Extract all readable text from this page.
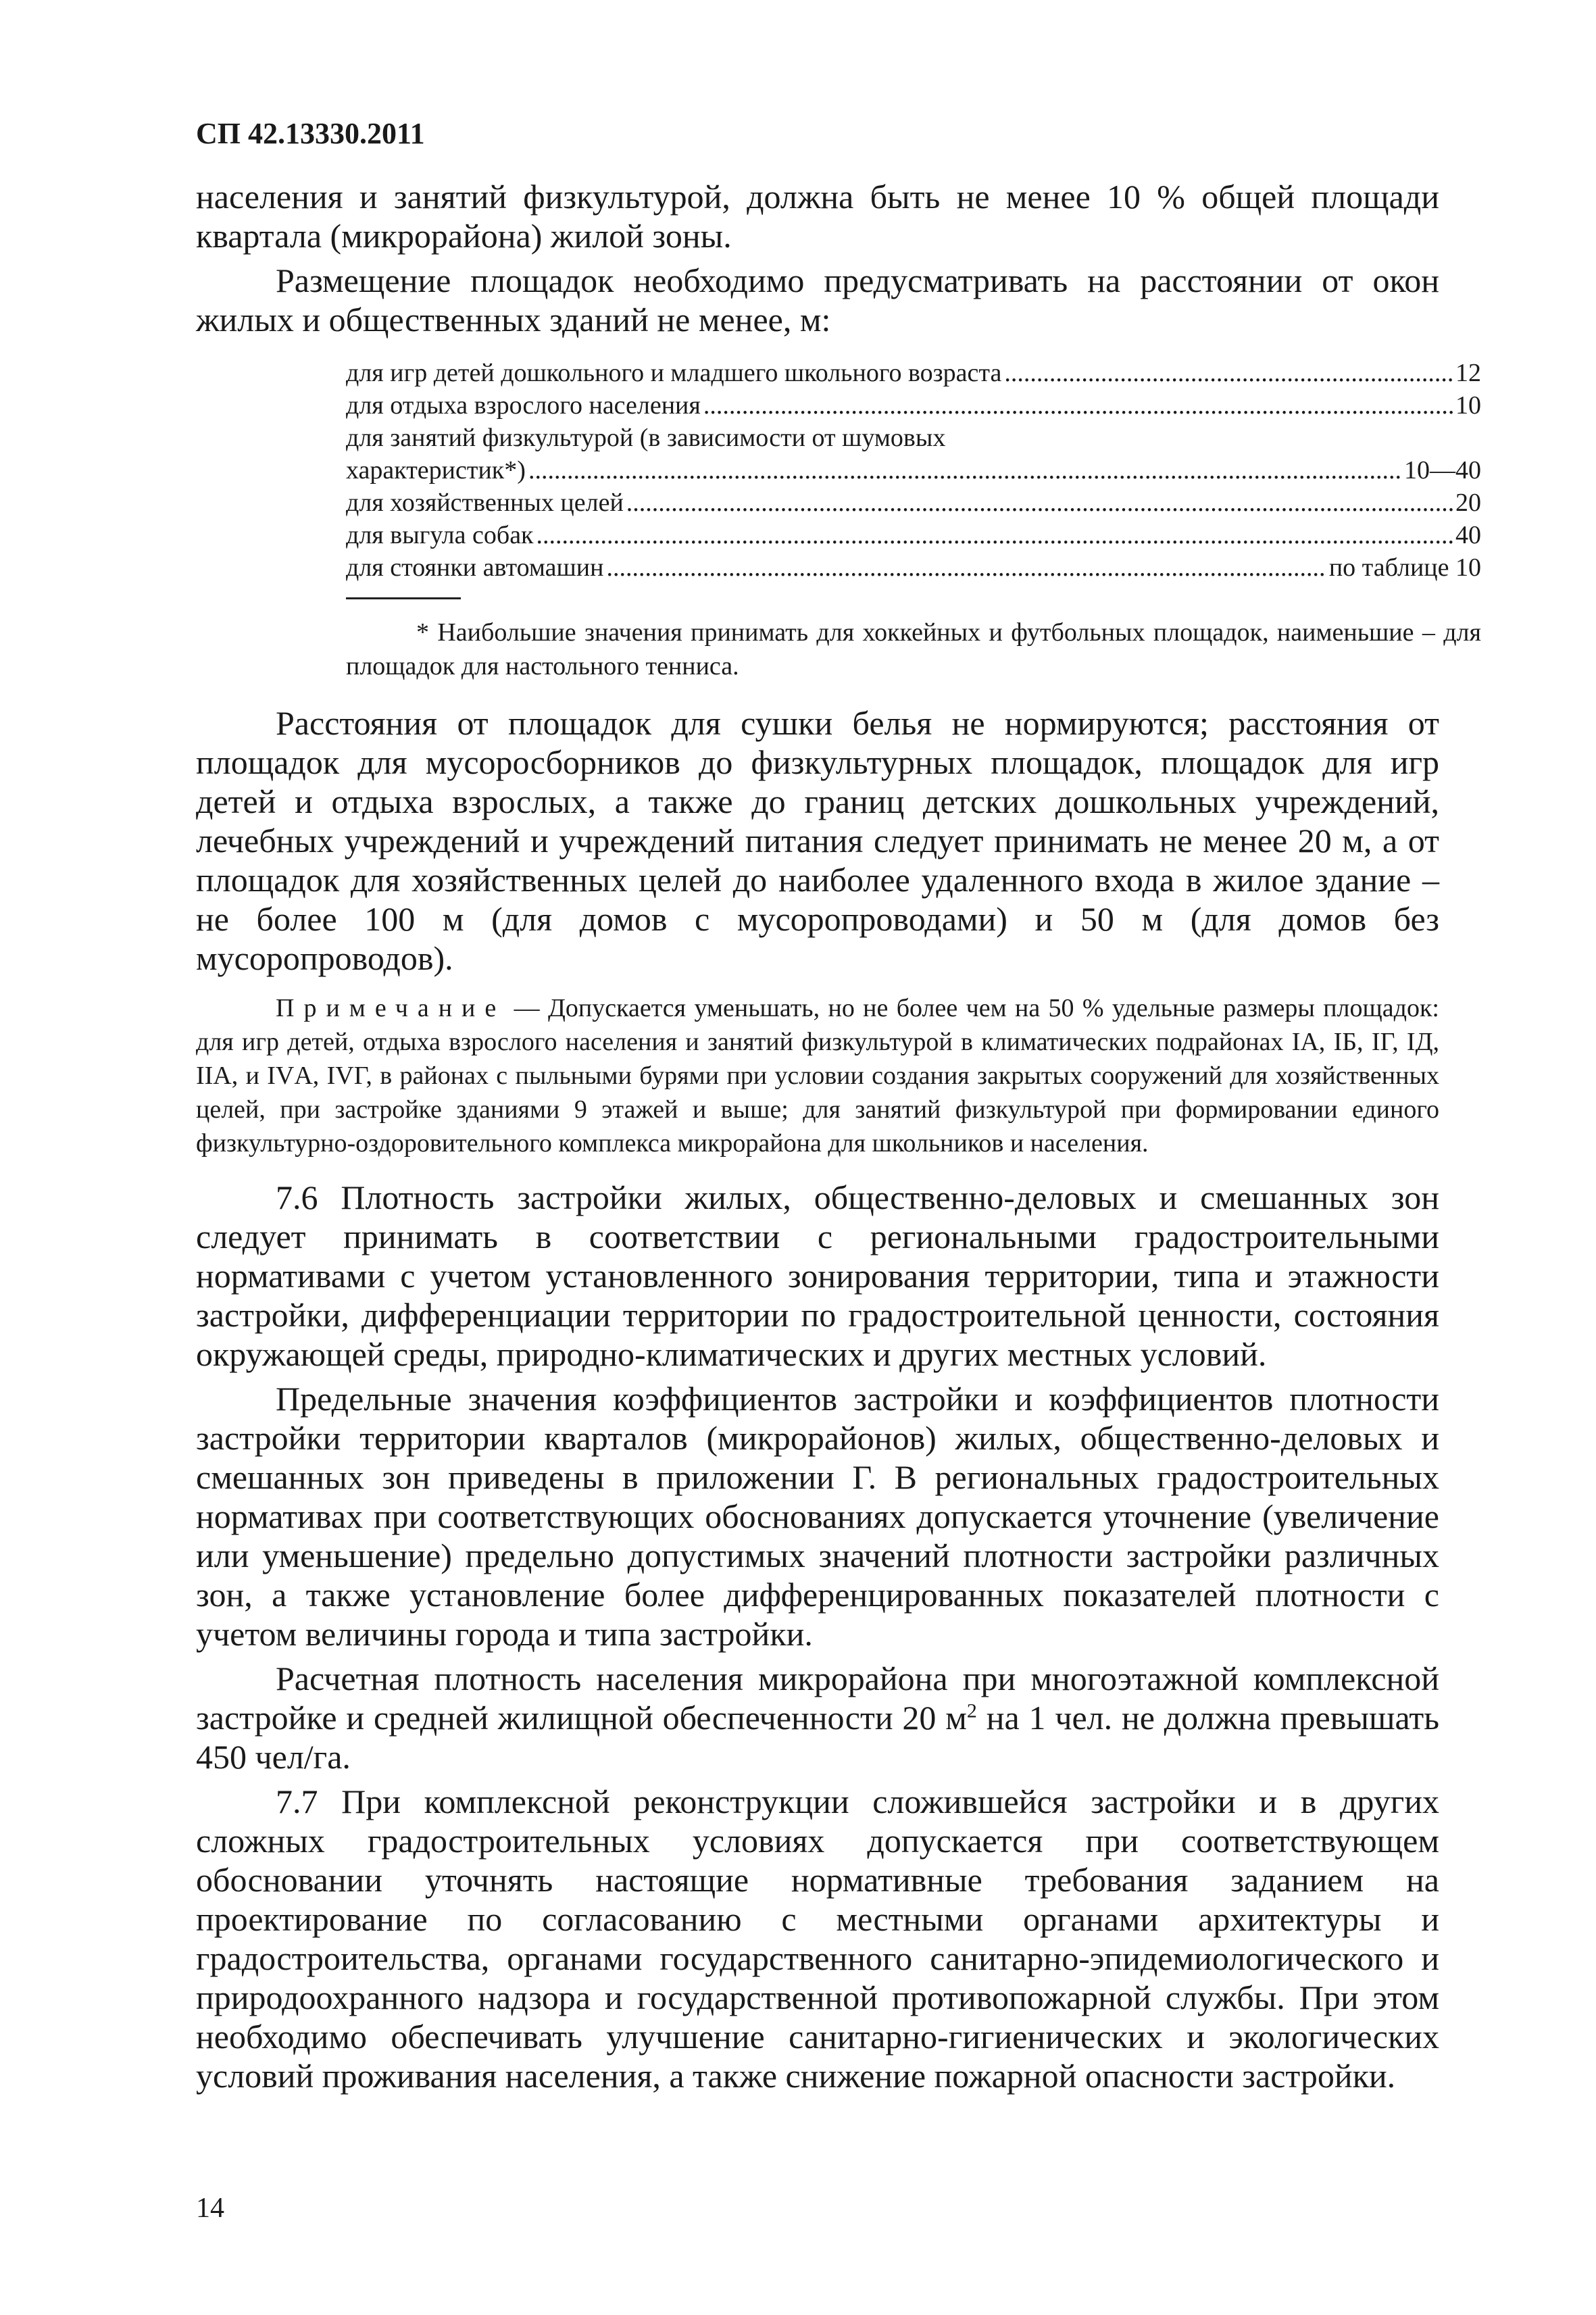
СП 42.13330.2011

населения и занятий физкультурой, должна быть не менее 10 % общей площади квартала (микрорайона) жилой зоны.

Размещение площадок необходимо предусматривать на расстоянии от окон жилых и общественных зданий не менее, м:

для игр детей дошкольного и младшего школьного возраста .....	12
для отдыха взрослого населения .....	10
для занятий физкультурой (в зависимости от шумовых
характеристик*) .....	10—40
для хозяйственных целей .....	20
для выгула собак .....	40
для стоянки автомашин .....	по таблице 10

* Наибольшие значения принимать для хоккейных и футбольных площадок, наименьшие – для площадок для настольного тенниса.

Расстояния от площадок для сушки белья не нормируются; расстояния от площадок для мусоросборников до физкультурных площадок, площадок для игр детей и отдыха взрослых, а также до границ детских дошкольных учреждений, лечебных учреждений и учреждений питания следует принимать не менее 20 м, а от площадок для хозяйственных целей до наиболее удаленного входа в жилое здание – не более 100 м (для домов с мусоропроводами) и 50 м (для домов без мусоропроводов).

Примечание — Допускается уменьшать, но не более чем на 50 % удельные размеры площадок: для игр детей, отдыха взрослого населения и занятий физкультурой в климатических подрайонах IА, IБ, IГ, IД, IIА, и IVА, IVГ, в районах с пыльными бурями при условии создания закрытых сооружений для хозяйственных целей, при застройке зданиями 9 этажей и выше; для занятий физкультурой при формировании единого физкультурно-оздоровительного комплекса микрорайона для школьников и населения.

7.6 Плотность застройки жилых, общественно-деловых и смешанных зон следует принимать в соответствии с региональными градостроительными нормативами с учетом установленного зонирования территории, типа и этажности застройки, дифференциации территории по градостроительной ценности, состояния окружающей среды, природно-климатических и других местных условий.

Предельные значения коэффициентов застройки и коэффициентов плотности застройки территории кварталов (микрорайонов) жилых, общественно-деловых и смешанных зон приведены в приложении Г. В региональных градостроительных нормативах при соответствующих обоснованиях допускается уточнение (увеличение или уменьшение) предельно допустимых значений плотности застройки различных зон, а также установление более дифференцированных показателей плотности с учетом величины города и типа застройки.

Расчетная плотность населения микрорайона при многоэтажной комплексной застройке и средней жилищной обеспеченности 20 $м^2$ на 1 чел. не должна превышать 450 чел/га.

7.7 При комплексной реконструкции сложившейся застройки и в других сложных градостроительных условиях допускается при соответствующем обосновании уточнять настоящие нормативные требования заданием на проектирование по согласованию с местными органами архитектуры и градостроительства, органами государственного санитарно-эпидемиологического и природоохранного надзора и государственной противопожарной службы. При этом необходимо обеспечивать улучшение санитарно-гигиенических и экологических условий проживания населения, а также снижение пожарной опасности застройки.

14
